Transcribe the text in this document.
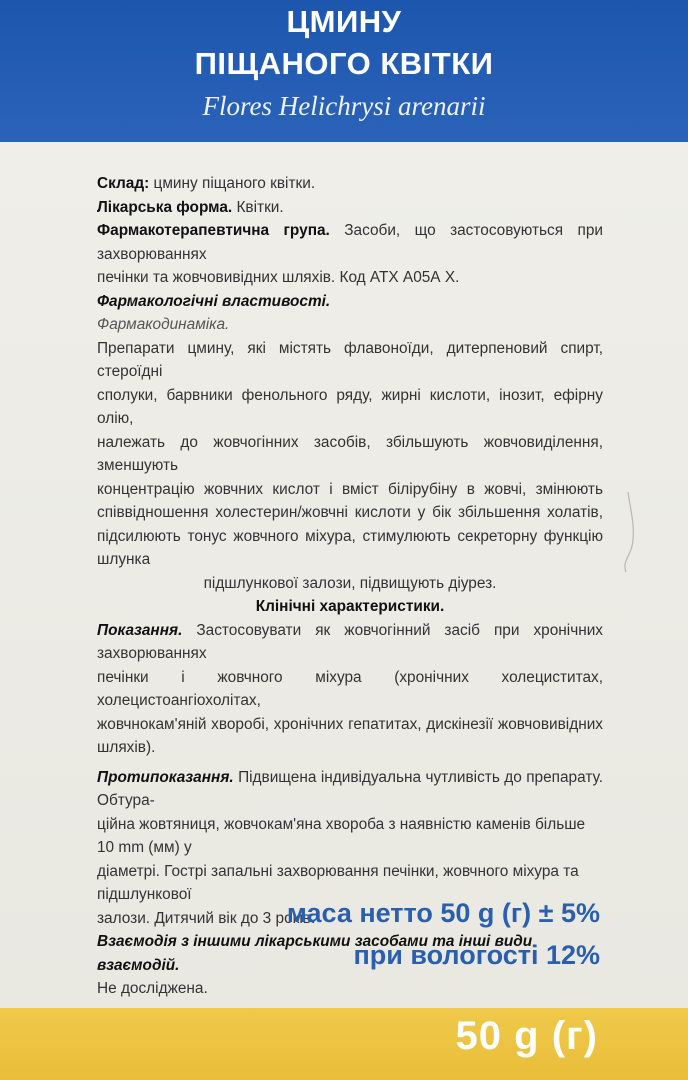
ЦМИНУ
ПІЩАНОГО КВІТКИ
Flores Helichrysi arenarii

Склад: цмину піщаного квітки.

Лікарська форма. Квітки.

Фармакотерапевтична група. Засоби, що застосовуються при захворюваннях

печінки та жовчовивідних шляхів. Код АТХ А05А X.

Фармакологічні властивості.

Фармакодинаміка.

Препарати цмину, які містять флавоноїди, дитерпеновий спирт, стероїдні

сполуки, барвники фенольного ряду, жирні кислоти, інозит, ефірну олію,

належать до жовчогінних засобів, збільшують жовчовиділення, зменшують

концентрацію жовчних кислот і вміст білірубіну в жовчі, змінюють

співвідношення холестерин/жовчні кислоти у бік збільшення холатів,

підсилюють тонус жовчного міхура, стимулюють секреторну функцію шлунка

підшлункової залози, підвищують діурез.

Клінічні характеристики.

Показання. Застосовувати як жовчогінний засіб при хронічних захворюваннях

печінки і жовчного міхура (хронічних холециститах, холецистоангіохолітах,

жовчнокам'яній хворобі, хронічних гепатитах, дискінезії жовчовивідних

шляхів).

Протипоказання. Підвищена індивідуальна чутливість до препарату. Обтура-

ційна жовтяниця, жовчокам'яна хвороба з наявністю каменів більше 10 mm (мм) у

діаметрі. Гострі запальні захворювання печінки, жовчного міхура та підшлункової

залози. Дитячий вік до 3 років.

Взаємодія з іншими лікарськими засобами та інші види взаємодій.

Не досліджена.

маса нетто 50 g (г) ± 5%
при вологості 12%
50 g (г)
